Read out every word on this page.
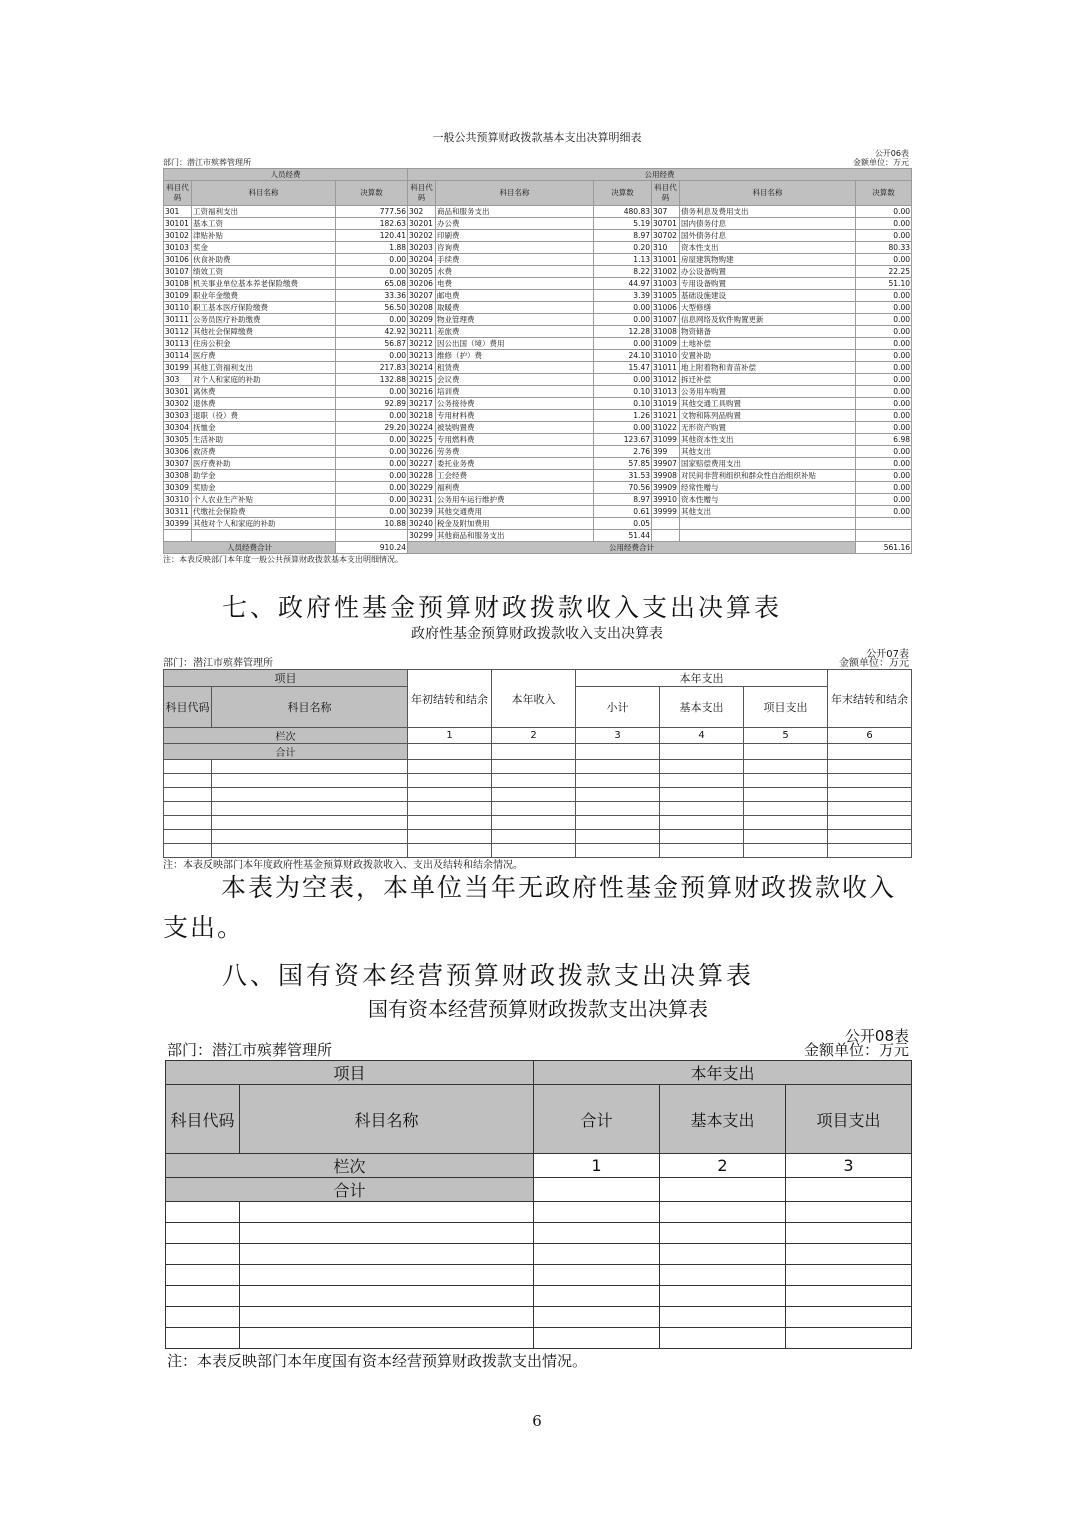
一般公共预算财政拨款基本支出决算明细表
公开06表
部门：潜江市殡葬管理所	金额单位：万元
人员经费			公用经费					
科目代码	科目名称	决算数	科目代码	科目名称	决算数	科目代码	科目名称	决算数
301	工资福利支出	777.56	302	商品和服务支出	480.83	307	债务利息及费用支出	0.00
30101	基本工资	182.63	30201	办公费	5.19	30701	国内债务付息	0.00
30102	津贴补贴	120.41	30202	印刷费	8.97	30702	国外债务付息	0.00
30103	奖金	1.88	30203	咨询费	0.20	310	资本性支出	80.33
30106	伙食补助费	0.00	30204	手续费	1.13	31001	房屋建筑物购建	0.00
30107	绩效工资	0.00	30205	水费	8.22	31002	办公设备购置	22.25
30108	机关事业单位基本养老保险缴费	65.08	30206	电费	44.97	31003	专用设备购置	51.10
30109	职业年金缴费	33.36	30207	邮电费	3.39	31005	基础设施建设	0.00
30110	职工基本医疗保险缴费	56.50	30208	取暖费	0.00	31006	大型修缮	0.00
30111	公务员医疗补助缴费	0.00	30209	物业管理费	0.00	31007	信息网络及软件购置更新	0.00
30112	其他社会保障缴费	42.92	30211	差旅费	12.28	31008	物资储备	0.00
30113	住房公积金	56.87	30212	因公出国（境）费用	0.00	31009	土地补偿	0.00
30114	医疗费	0.00	30213	维修（护）费	24.10	31010	安置补助	0.00
30199	其他工资福利支出	217.83	30214	租赁费	15.47	31011	地上附着物和青苗补偿	0.00
303	对个人和家庭的补助	132.88	30215	会议费	0.00	31012	拆迁补偿	0.00
30301	离休费	0.00	30216	培训费	0.10	31013	公务用车购置	0.00
30302	退休费	92.89	30217	公务接待费	0.10	31019	其他交通工具购置	0.00
30303	退职（役）费	0.00	30218	专用材料费	1.26	31021	文物和陈列品购置	0.00
30304	抚恤金	29.20	30224	被装购置费	0.00	31022	无形资产购置	0.00
30305	生活补助	0.00	30225	专用燃料费	123.67	31099	其他资本性支出	6.98
30306	救济费	0.00	30226	劳务费	2.76	399	其他支出	0.00
30307	医疗费补助	0.00	30227	委托业务费	57.85	39907	国家赔偿费用支出	0.00
30308	助学金	0.00	30228	工会经费	31.53	39908	对民间非营利组织和群众性自治组织补贴	0.00
30309	奖励金	0.00	30229	福利费	70.56	39909	经常性赠与	0.00
30310	个人农业生产补贴	0.00	30231	公务用车运行维护费	8.97	39910	资本性赠与	0.00
30311	代缴社会保险费	0.00	30239	其他交通费用	0.61	39999	其他支出	0.00
30399	其他对个人和家庭的补助	10.88	30240	税金及附加费用	0.05			
			30299	其他商品和服务支出	51.44			
人员经费合计		910.24	公用经费合计					561.16
注：本表反映部门本年度一般公共预算财政拨款基本支出明细情况。
七、政府性基金预算财政拨款收入支出决算表
政府性基金预算财政拨款收入支出决算表
公开07表
部门：潜江市殡葬管理所	金额单位：万元
项目		年初结转和结余	本年收入	本年支出			年末结转和结余
科目代码	科目名称			小计	基本支出	项目支出	
栏次		1	2	3	4	5	6
合计							

注：本表反映部门本年度政府性基金预算财政拨款收入、支出及结转和结余情况。
本表为空表，本单位当年无政府性基金预算财政拨款收入支出。
八、国有资本经营预算财政拨款支出决算表
国有资本经营预算财政拨款支出决算表
公开08表
部门：潜江市殡葬管理所	金额单位：万元
项目		本年支出		
科目代码	科目名称	合计	基本支出	项目支出
栏次		1	2	3
合计				

注：本表反映部门本年度国有资本经营预算财政拨款支出情况。
6
